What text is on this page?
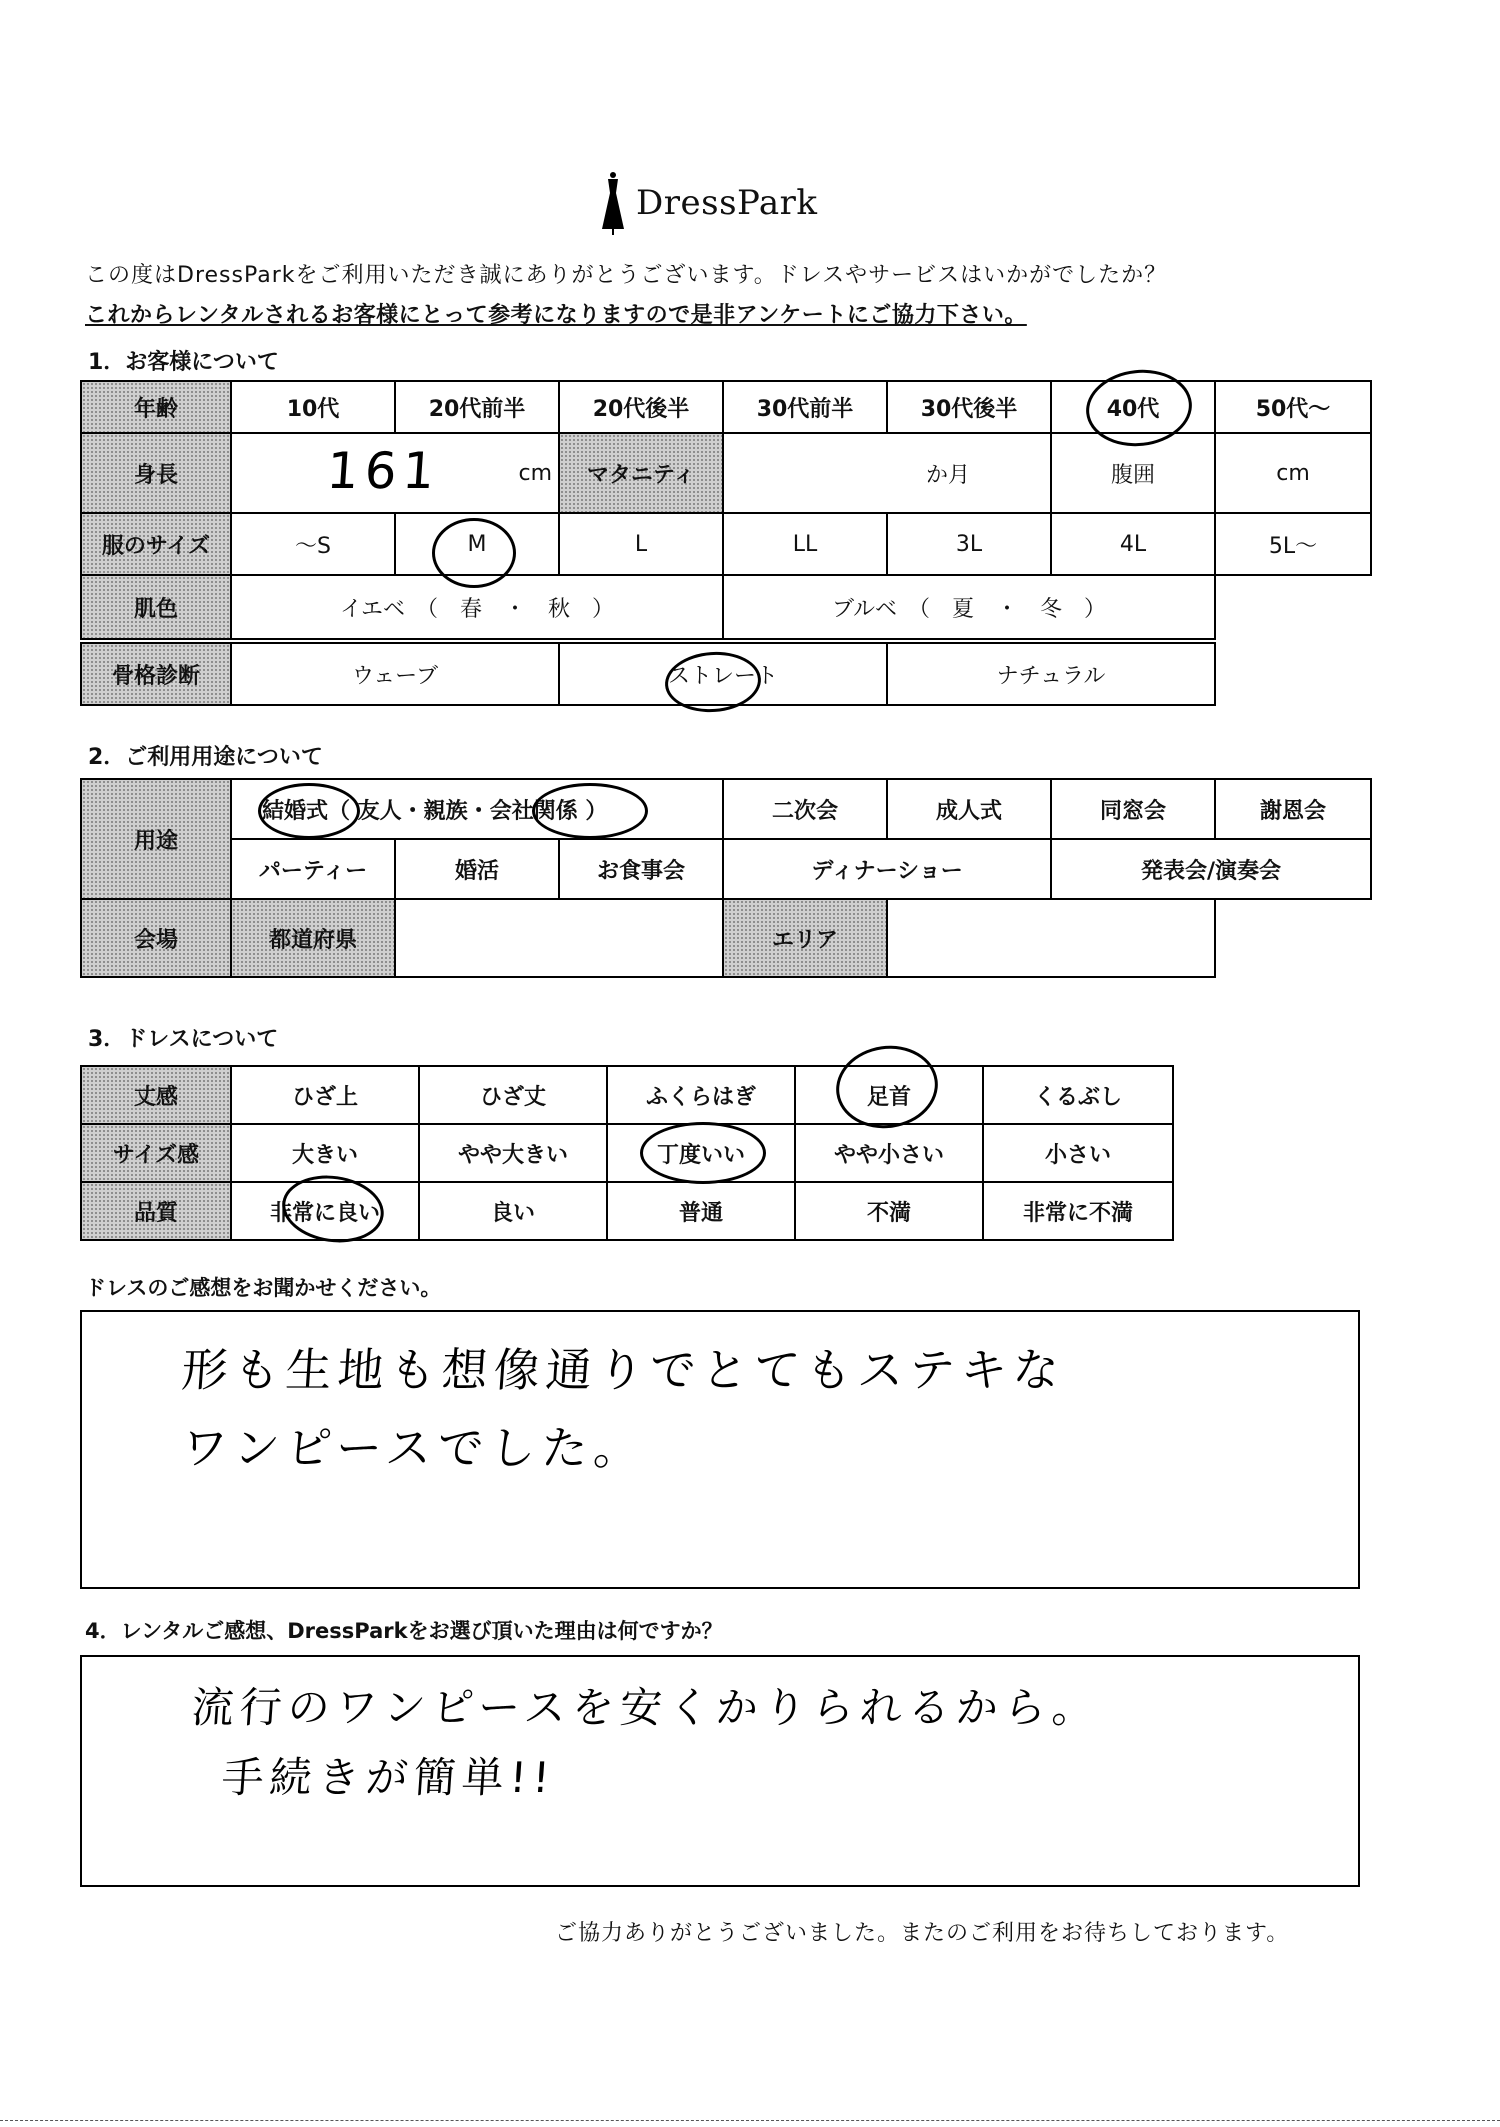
DressPark
この度はDressParkをご利用いただき誠にありがとうございます。ドレスやサービスはいかがでしたか？
これからレンタルされるお客様にとって参考になりますので是非アンケートにご協力下さい。
1．お客様について
年齢	10代	20代前半	20代後半	30代前半	30代後半	40代	50代～
身長	161 cm		マタニティ	か月		腹囲	cm
服のサイズ	～S	M	L	LL	3L	4L	5L～
肌色	イエベ　（　春　・　秋　）			ブルベ　（　夏　・　冬　）			
骨格診断	ウェーブ	ストレート	ナチュラル
2．ご利用用途について
用途	結婚式（ 友人・親族・会社関係 ）			二次会	成人式	同窓会	謝恩会
	パーティー	婚活	お食事会	ディナーショー		発表会/演奏会	
会場	都道府県			エリア			
3．ドレスについて
丈感	ひざ上	ひざ丈	ふくらはぎ	足首	くるぶし
サイズ感	大きい	やや大きい	丁度いい	やや小さい	小さい
品質	非常に良い	良い	普通	不満	非常に不満
ドレスのご感想をお聞かせください。
形も生地も想像通りでとてもステキな
ワンピースでした。
4．レンタルご感想、DressParkをお選び頂いた理由は何ですか？
流行のワンピースを安くかりられるから。
手続きが簡単!!
ご協力ありがとうございました。またのご利用をお待ちしております。
